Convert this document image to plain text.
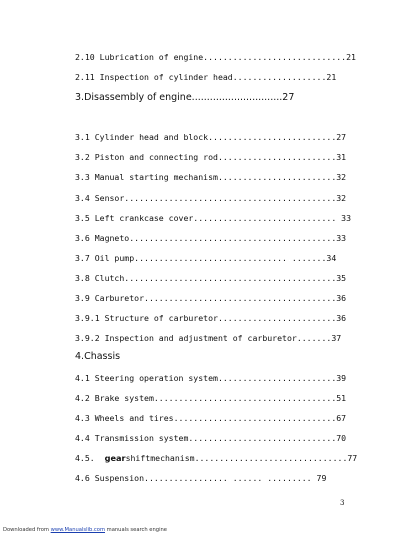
2.10 Lubrication of engine.............................21
2.11 Inspection of cylinder head...................21
3.Disassembly of engine..............................27
3.1 Cylinder head and block..........................27
3.2 Piston and connecting rod........................31
3.3 Manual starting mechanism........................32
3.4 Sensor...........................................32
3.5 Left crankcase cover............................. 33
3.6 Magneto..........................................33
3.7 Oil pump............................... .......34
3.8 Clutch...........................................35
3.9 Carburetor.......................................36
3.9.1 Structure of carburetor........................36
3.9.2 Inspection and adjustment of carburetor.......37
4.Chassis
4.1 Steering operation system........................39
4.2 Brake system.....................................51
4.3 Wheels and tires.................................67
4.4 Transmission system..............................70
4.5.  gearshiftmechanism...............................77
4.6 Suspension................. ...... ......... 79
3
Downloaded from www.Manualslib.com manuals search engine
